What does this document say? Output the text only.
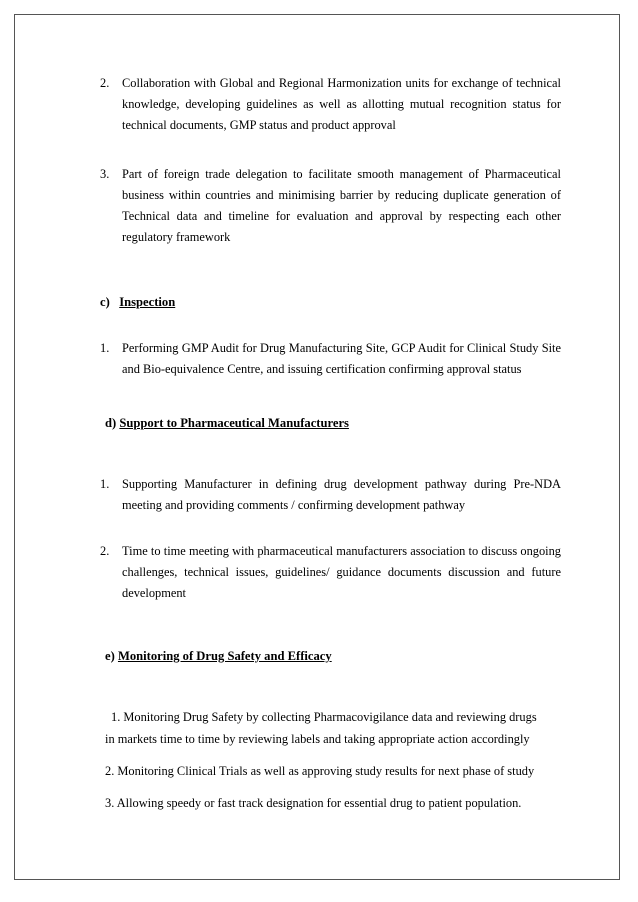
2.	Collaboration with Global and Regional Harmonization units for exchange of technical knowledge, developing guidelines as well as allotting mutual recognition status for technical documents, GMP status and product approval
3.	Part of foreign trade delegation to facilitate smooth management of Pharmaceutical business within countries and minimising barrier by reducing duplicate generation of Technical data and timeline for evaluation and approval by respecting each other regulatory framework
c) Inspection
1.	Performing GMP Audit for Drug Manufacturing Site, GCP Audit for Clinical Study Site and Bio-equivalence Centre, and issuing certification confirming approval status
d) Support to Pharmaceutical Manufacturers
1.	Supporting Manufacturer in defining drug development pathway during Pre-NDA meeting and providing comments / confirming development pathway
2.	Time to time meeting with pharmaceutical manufacturers association to discuss ongoing challenges, technical issues, guidelines/ guidance documents discussion and future development
e) Monitoring of Drug Safety and Efficacy
1. Monitoring Drug Safety by collecting Pharmacovigilance data and reviewing drugs
in markets time to time by reviewing labels and taking appropriate action accordingly
2. Monitoring Clinical Trials as well as approving study results for next phase of study
3. Allowing speedy or fast track designation for essential drug to patient population.
